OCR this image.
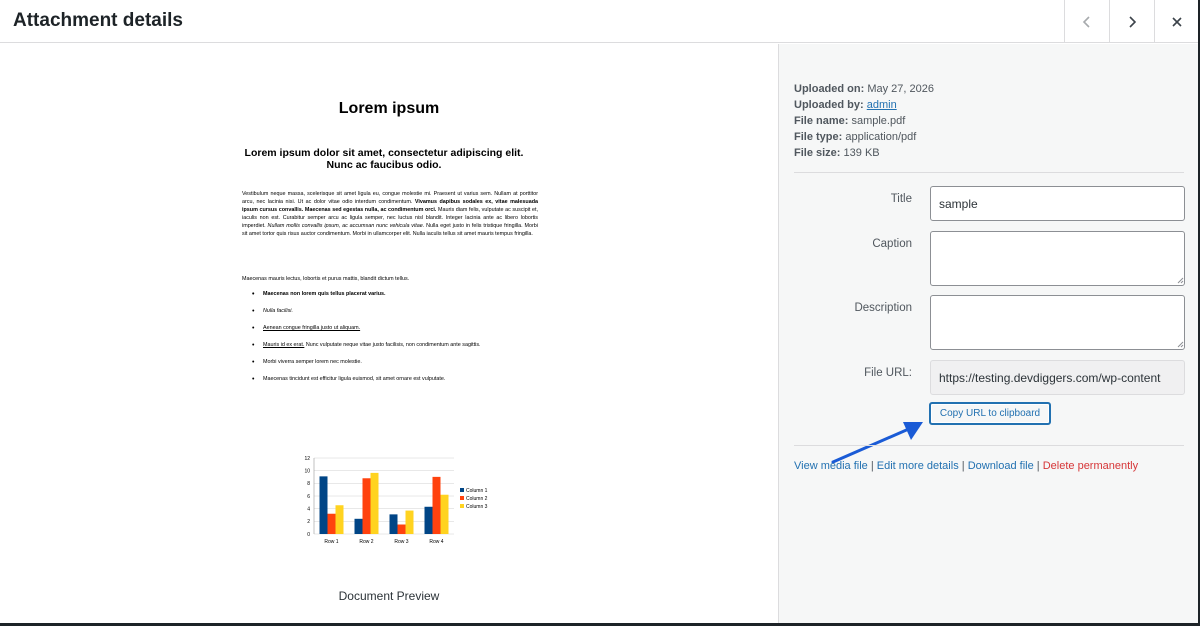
Attachment details
Lorem ipsum
Lorem ipsum dolor sit amet, consectetur adipiscing elit. Nunc ac faucibus odio.
Vestibulum neque massa, scelerisque sit amet ligula eu, congue molestie mi. Praesent ut varius sem. Nullam at porttitor arcu, nec lacinia nisi. Ut ac dolor vitae odio interdum condimentum. Vivamus dapibus sodales ex, vitae malesuada ipsum cursus convallis. Maecenas sed egestas nulla, ac condimentum orci. Mauris diam felis, vulputate ac suscipit et, iaculis non est. Curabitur semper arcu ac ligula semper, nec luctus nisl blandit. Integer lacinia ante ac libero lobortis imperdiet. Nullam mollis convallis ipsum, ac accumsan nunc vehicula vitae. Nulla eget justo in felis tristique fringilla. Morbi sit amet tortor quis risus auctor condimentum. Morbi in ullamcorper elit. Nulla iaculis tellus sit amet mauris tempus fringilla.
Maecenas mauris lectus, lobortis et purus mattis, blandit dictum tellus.
• Maecenas non lorem quis tellus placerat varius.
• Nulla facilisi.
• Aenean congue fringilla justo ut aliquam.
• Mauris id ex erat. Nunc vulputate neque vitae justo facilisis, non condimentum ante sagittis.
• Morbi viverra semper lorem nec molestie.
• Maecenas tincidunt est efficitur ligula euismod, sit amet ornare est vulputate.
0
2
4
6
8
10
12
Row 1	Row 2	Row 3	Row 4
Column 1
Column 2
Column 3
Document Preview
Uploaded on: May 27, 2026
Uploaded by: admin
File name: sample.pdf
File type: application/pdf
File size: 139 KB
Title	sample
Caption
Description
File URL:	https://testing.devdiggers.com/wp-content
Copy URL to clipboard
View media file | Edit more details | Download file | Delete permanently
